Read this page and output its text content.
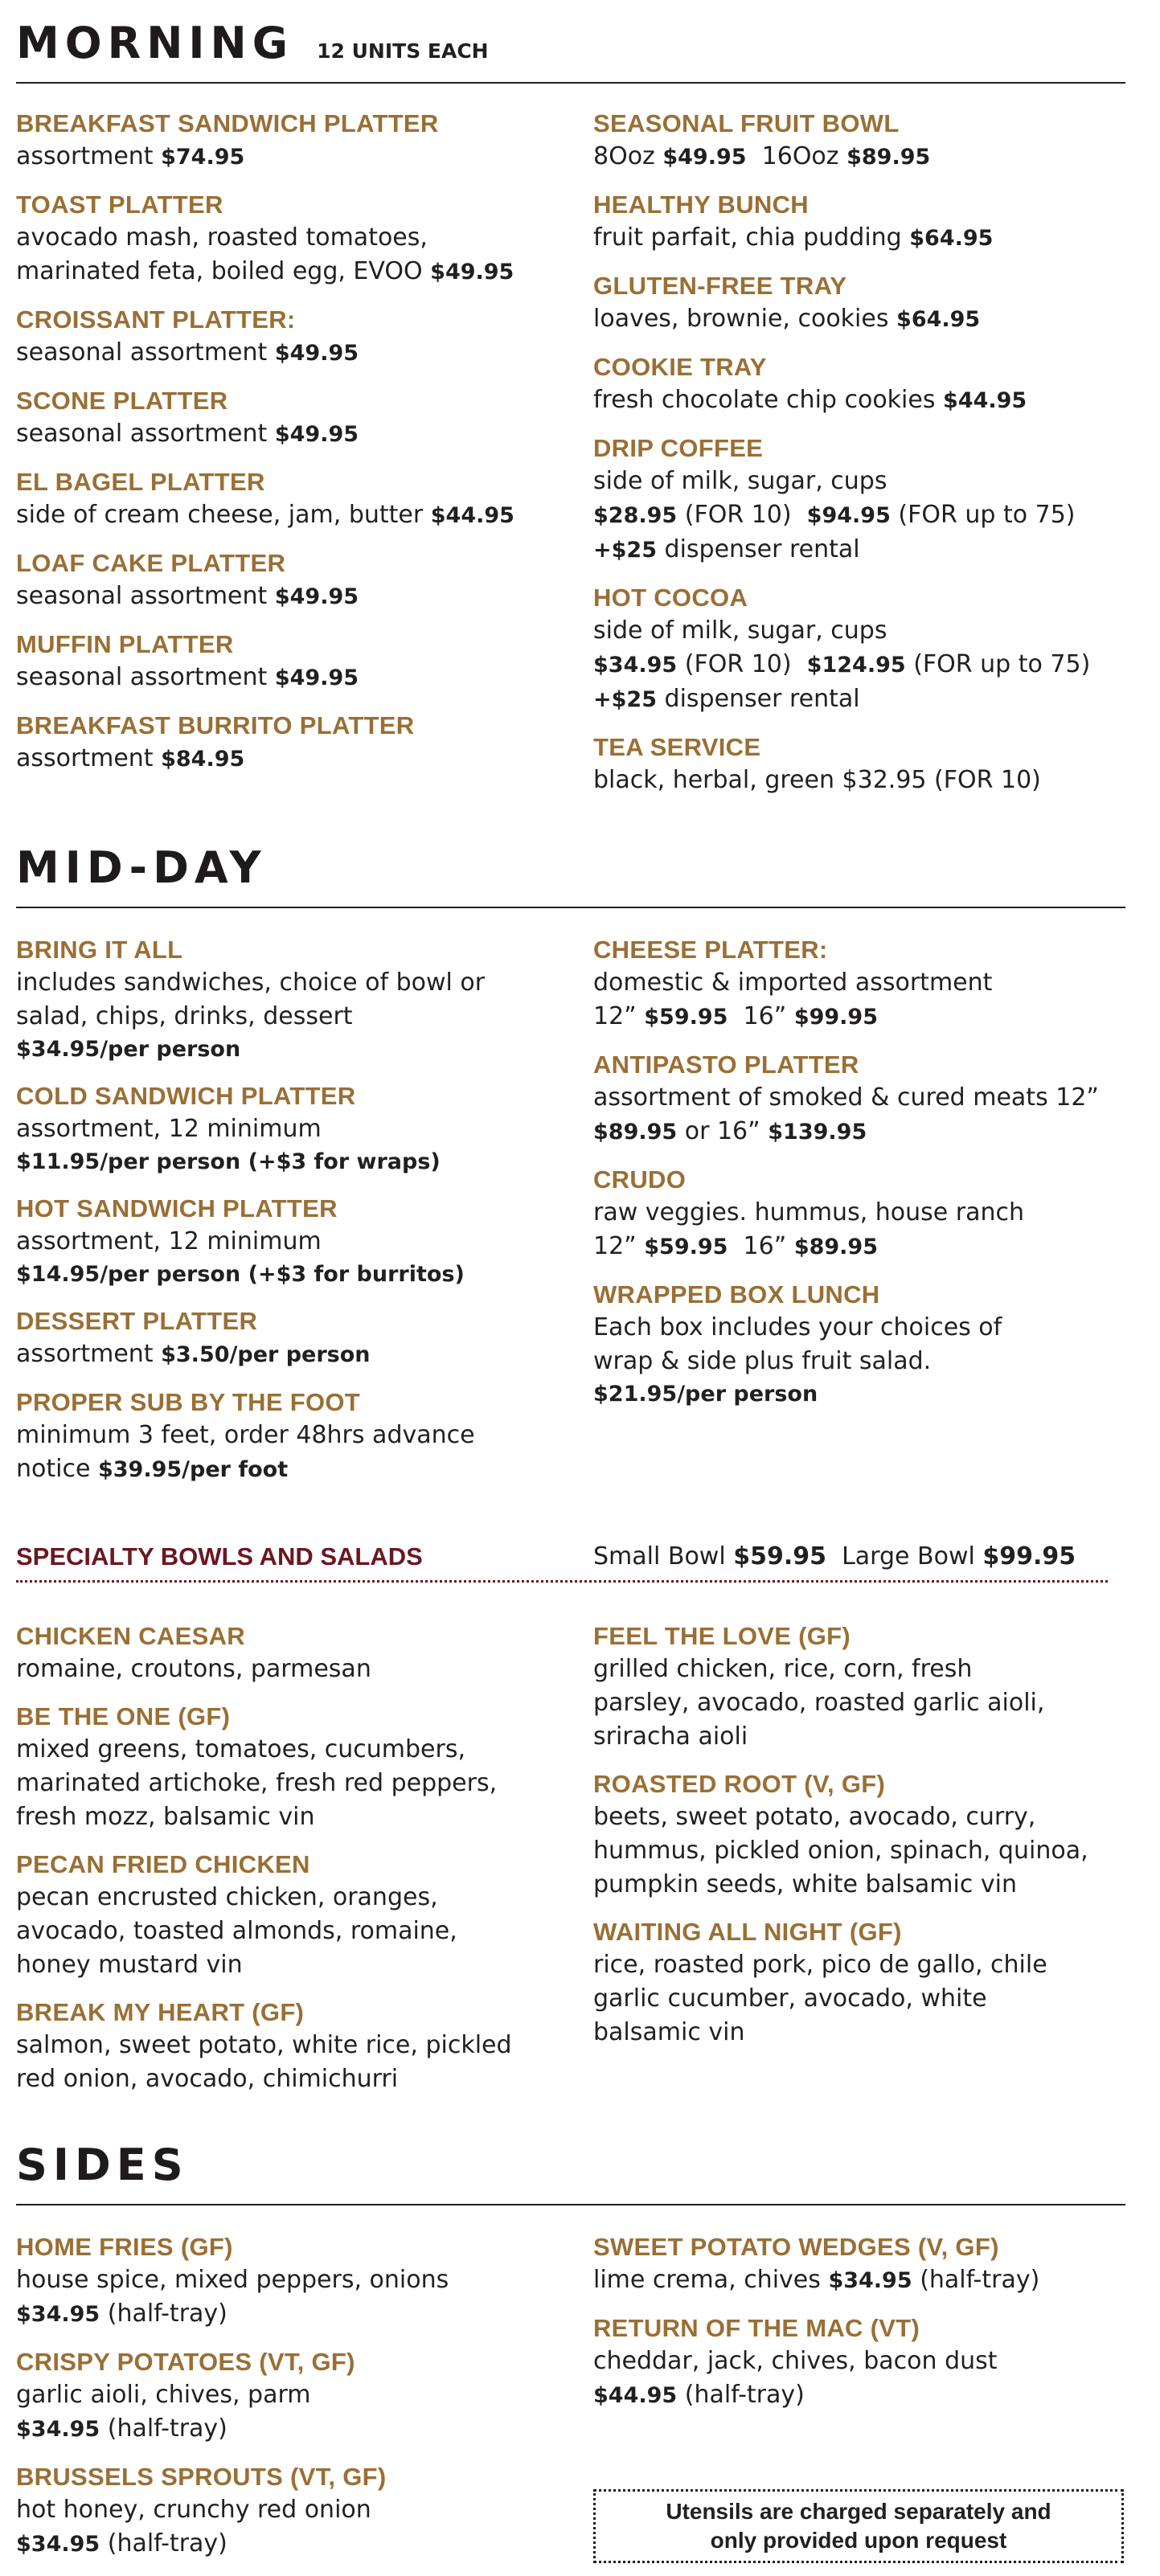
MORNING 12 UNITS EACH
BREAKFAST SANDWICH PLATTER
assortment $74.95
TOAST PLATTER
avocado mash, roasted tomatoes, marinated feta, boiled egg, EVOO $49.95
CROISSANT PLATTER:
seasonal assortment $49.95
SCONE PLATTER
seasonal assortment $49.95
EL BAGEL PLATTER
side of cream cheese, jam, butter $44.95
LOAF CAKE PLATTER
seasonal assortment $49.95
MUFFIN PLATTER
seasonal assortment $49.95
BREAKFAST BURRITO PLATTER
assortment $84.95
SEASONAL FRUIT BOWL
8Ooz $49.95 16Ooz $89.95
HEALTHY BUNCH
fruit parfait, chia pudding $64.95
GLUTEN-FREE TRAY
loaves, brownie, cookies $64.95
COOKIE TRAY
fresh chocolate chip cookies $44.95
DRIP COFFEE
side of milk, sugar, cups
$28.95 (FOR 10) $94.95 (FOR up to 75)
+$25 dispenser rental
HOT COCOA
side of milk, sugar, cups
$34.95 (FOR 10) $124.95 (FOR up to 75)
+$25 dispenser rental
TEA SERVICE
black, herbal, green $32.95 (FOR 10)
MID-DAY
BRING IT ALL
includes sandwiches, choice of bowl or salad, chips, drinks, dessert
$34.95/per person
COLD SANDWICH PLATTER
assortment, 12 minimum
$11.95/per person (+$3 for wraps)
HOT SANDWICH PLATTER
assortment, 12 minimum
$14.95/per person (+$3 for burritos)
DESSERT PLATTER
assortment $3.50/per person
PROPER SUB BY THE FOOT
minimum 3 feet, order 48hrs advance notice $39.95/per foot
CHEESE PLATTER:
domestic & imported assortment
12” $59.95 16” $99.95
ANTIPASTO PLATTER
assortment of smoked & cured meats 12”
$89.95 or 16” $139.95
CRUDO
raw veggies. hummus, house ranch
12” $59.95 16” $89.95
WRAPPED BOX LUNCH
Each box includes your choices of wrap & side plus fruit salad.
$21.95/per person
SPECIALTY BOWLS AND SALADS	Small Bowl $59.95 Large Bowl $99.95
CHICKEN CAESAR
romaine, croutons, parmesan
BE THE ONE (GF)
mixed greens, tomatoes, cucumbers, marinated artichoke, fresh red peppers, fresh mozz, balsamic vin
PECAN FRIED CHICKEN
pecan encrusted chicken, oranges, avocado, toasted almonds, romaine, honey mustard vin
BREAK MY HEART (GF)
salmon, sweet potato, white rice, pickled red onion, avocado, chimichurri
FEEL THE LOVE (GF)
grilled chicken, rice, corn, fresh parsley, avocado, roasted garlic aioli, sriracha aioli
ROASTED ROOT (V, GF)
beets, sweet potato, avocado, curry, hummus, pickled onion, spinach, quinoa, pumpkin seeds, white balsamic vin
WAITING ALL NIGHT (GF)
rice, roasted pork, pico de gallo, chile garlic cucumber, avocado, white balsamic vin
SIDES
HOME FRIES (GF)
house spice, mixed peppers, onions
$34.95 (half-tray)
CRISPY POTATOES (VT, GF)
garlic aioli, chives, parm
$34.95 (half-tray)
BRUSSELS SPROUTS (VT, GF)
hot honey, crunchy red onion
$34.95 (half-tray)
SWEET POTATO WEDGES (V, GF)
lime crema, chives $34.95 (half-tray)
RETURN OF THE MAC (VT)
cheddar, jack, chives, bacon dust
$44.95 (half-tray)
Utensils are charged separately and
only provided upon request
